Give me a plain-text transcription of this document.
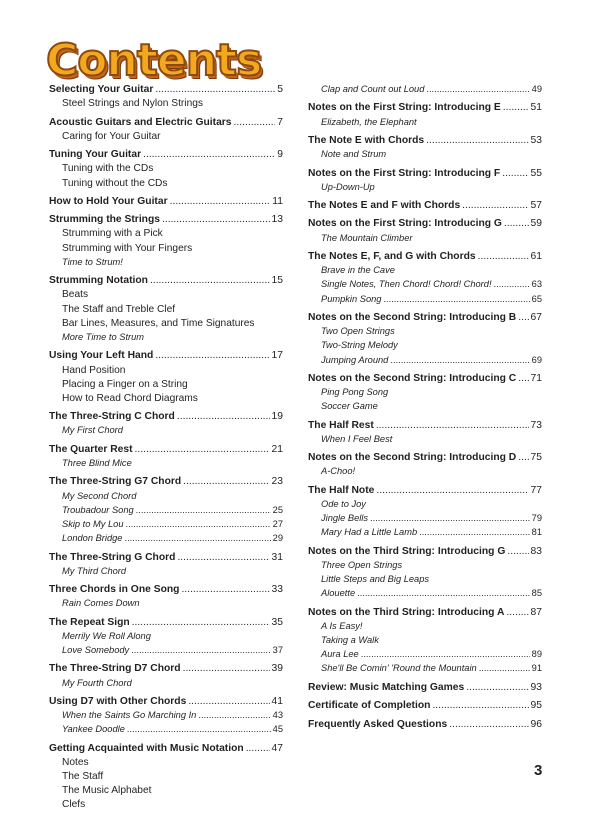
Contents
Selecting Your Guitar .....	5
Steel Strings and Nylon Strings
Acoustic Guitars and Electric Guitars .....	7
Caring for Your Guitar
Tuning Your Guitar .....	9
Tuning with the CDs
Tuning without the CDs
How to Hold Your Guitar .....	11
Strumming the Strings .....	13
Strumming with a Pick
Strumming with Your Fingers
Time to Strum!
Strumming Notation .....	15
Beats
The Staff and Treble Clef
Bar Lines, Measures, and Time Signatures
More Time to Strum
Using Your Left Hand .....	17
Hand Position
Placing a Finger on a String
How to Read Chord Diagrams
The Three-String C Chord .....	19
My First Chord
The Quarter Rest .....	21
Three Blind Mice
The Three-String G7 Chord .....	23
My Second Chord
Troubadour Song .....	25
Skip to My Lou .....	27
London Bridge .....	29
The Three-String G Chord .....	31
My Third Chord
Three Chords in One Song .....	33
Rain Comes Down
The Repeat Sign .....	35
Merrily We Roll Along
Love Somebody .....	37
The Three-String D7 Chord .....	39
My Fourth Chord
Using D7 with Other Chords .....	41
When the Saints Go Marching In .....	43
Yankee Doodle .....	45
Getting Acquainted with Music Notation .....	47
Notes
The Staff
The Music Alphabet
Clefs
Clap and Count out Loud .....	49
Notes on the First String: Introducing E .....	51
Elizabeth, the Elephant
The Note E with Chords .....	53
Note and Strum
Notes on the First String: Introducing F .....	55
Up-Down-Up
The Notes E and F with Chords .....	57
Notes on the First String: Introducing G .....	59
The Mountain Climber
The Notes E, F, and G with Chords .....	61
Brave in the Cave
Single Notes, Then Chord! Chord! Chord! .....	63
Pumpkin Song .....	65
Notes on the Second String: Introducing B ..... 67
Two Open Strings
Two-String Melody
Jumping Around .....	69
Notes on the Second String: Introducing C ..... 71
Ping Pong Song
Soccer Game
The Half Rest .....	73
When I Feel Best
Notes on the Second String: Introducing D ..... 75
A-Choo!
The Half Note .....	77
Ode to Joy
Jingle Bells .....	79
Mary Had a Little Lamb .....	81
Notes on the Third String: Introducing G ..... 83
Three Open Strings
Little Steps and Big Leaps
Alouette .....	85
Notes on the Third String: Introducing A .....	87
A Is Easy!
Taking a Walk
Aura Lee .....	89
She'll Be Comin' 'Round the Mountain .....	91
Review: Music Matching Games .....	93
Certificate of Completion .....	95
Frequently Asked Questions .....	96
3
